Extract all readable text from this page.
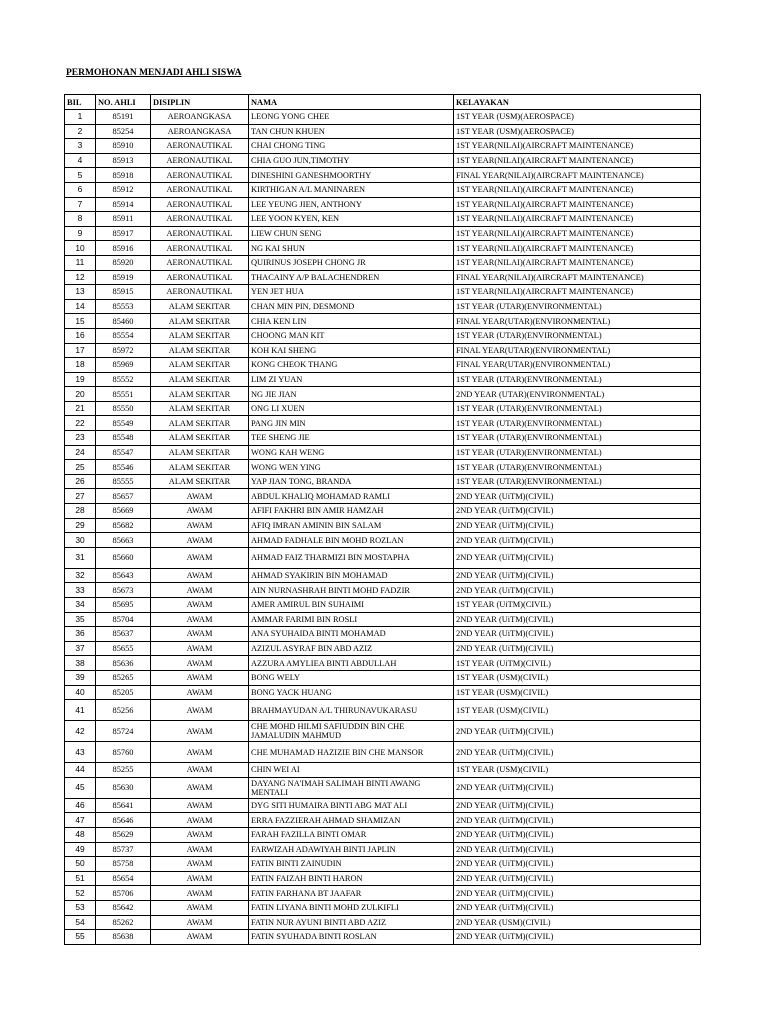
PERMOHONAN MENJADI AHLI SISWA
BIL	NO. AHLI	DISIPLIN	NAMA	KELAYAKAN
1	85191	AEROANGKASA	LEONG YONG CHEE	1ST YEAR (USM)(AEROSPACE)
2	85254	AEROANGKASA	TAN CHUN KHUEN	1ST YEAR (USM)(AEROSPACE)
3	85910	AERONAUTIKAL	CHAI CHONG TING	1ST YEAR(NILAI)(AIRCRAFT MAINTENANCE)
4	85913	AERONAUTIKAL	CHIA GUO JUN,TIMOTHY	1ST YEAR(NILAI)(AIRCRAFT MAINTENANCE)
5	85918	AERONAUTIKAL	DINESHINI GANESHMOORTHY	FINAL YEAR(NILAI)(AIRCRAFT MAINTENANCE)
6	85912	AERONAUTIKAL	KIRTHIGAN A/L MANINAREN	1ST YEAR(NILAI)(AIRCRAFT MAINTENANCE)
7	85914	AERONAUTIKAL	LEE YEUNG JIEN, ANTHONY	1ST YEAR(NILAI)(AIRCRAFT MAINTENANCE)
8	85911	AERONAUTIKAL	LEE YOON KYEN, KEN	1ST YEAR(NILAI)(AIRCRAFT MAINTENANCE)
9	85917	AERONAUTIKAL	LIEW CHUN SENG	1ST YEAR(NILAI)(AIRCRAFT MAINTENANCE)
10	85916	AERONAUTIKAL	NG KAI SHUN	1ST YEAR(NILAI)(AIRCRAFT MAINTENANCE)
11	85920	AERONAUTIKAL	QUIRINUS JOSEPH CHONG JR	1ST YEAR(NILAI)(AIRCRAFT MAINTENANCE)
12	85919	AERONAUTIKAL	THACAINY A/P BALACHENDREN	FINAL YEAR(NILAI)(AIRCRAFT MAINTENANCE)
13	85915	AERONAUTIKAL	YEN JET HUA	1ST YEAR(NILAI)(AIRCRAFT MAINTENANCE)
14	85553	ALAM SEKITAR	CHAN MIN PIN, DESMOND	1ST YEAR (UTAR)(ENVIRONMENTAL)
15	85460	ALAM SEKITAR	CHIA KEN LIN	FINAL YEAR(UTAR)(ENVIRONMENTAL)
16	85554	ALAM SEKITAR	CHOONG MAN KIT	1ST YEAR (UTAR)(ENVIRONMENTAL)
17	85972	ALAM SEKITAR	KOH KAI SHENG	FINAL YEAR(UTAR)(ENVIRONMENTAL)
18	85969	ALAM SEKITAR	KONG CHEOK THANG	FINAL YEAR(UTAR)(ENVIRONMENTAL)
19	85552	ALAM SEKITAR	LIM ZI YUAN	1ST YEAR (UTAR)(ENVIRONMENTAL)
20	85551	ALAM SEKITAR	NG JIE JIAN	2ND YEAR (UTAR)(ENVIRONMENTAL)
21	85550	ALAM SEKITAR	ONG LI XUEN	1ST YEAR (UTAR)(ENVIRONMENTAL)
22	85549	ALAM SEKITAR	PANG JIN MIN	1ST YEAR (UTAR)(ENVIRONMENTAL)
23	85548	ALAM SEKITAR	TEE SHENG JIE	1ST YEAR (UTAR)(ENVIRONMENTAL)
24	85547	ALAM SEKITAR	WONG KAH WENG	1ST YEAR (UTAR)(ENVIRONMENTAL)
25	85546	ALAM SEKITAR	WONG WEN YING	1ST YEAR (UTAR)(ENVIRONMENTAL)
26	85555	ALAM SEKITAR	YAP JIAN TONG, BRANDA	1ST YEAR (UTAR)(ENVIRONMENTAL)
27	85657	AWAM	ABDUL KHALIQ MOHAMAD RAMLI	2ND YEAR (UiTM)(CIVIL)
28	85669	AWAM	AFIFI FAKHRI BIN AMIR HAMZAH	2ND YEAR (UiTM)(CIVIL)
29	85682	AWAM	AFIQ IMRAN AMININ BIN SALAM	2ND YEAR (UiTM)(CIVIL)
30	85663	AWAM	AHMAD FADHALE BIN MOHD ROZLAN	2ND YEAR (UiTM)(CIVIL)
31	85660	AWAM	AHMAD FAIZ THARMIZI BIN MOSTAPHA	2ND YEAR (UiTM)(CIVIL)
32	85643	AWAM	AHMAD SYAKIRIN BIN MOHAMAD	2ND YEAR (UiTM)(CIVIL)
33	85673	AWAM	AIN NURNASHRAH BINTI MOHD FADZIR	2ND YEAR (UiTM)(CIVIL)
34	85695	AWAM	AMER AMIRUL BIN SUHAIMI	1ST YEAR (UiTM)(CIVIL)
35	85704	AWAM	AMMAR FARIMI BIN ROSLI	2ND YEAR (UiTM)(CIVIL)
36	85637	AWAM	ANA SYUHAIDA BINTI MOHAMAD	2ND YEAR (UiTM)(CIVIL)
37	85655	AWAM	AZIZUL ASYRAF BIN ABD AZIZ	2ND YEAR (UiTM)(CIVIL)
38	85636	AWAM	AZZURA AMYLIEA BINTI ABDULLAH	1ST YEAR (UiTM)(CIVIL)
39	85265	AWAM	BONG WELY	1ST YEAR (USM)(CIVIL)
40	85205	AWAM	BONG YACK HUANG	1ST YEAR (USM)(CIVIL)
41	85256	AWAM	BRAHMAYUDAN A/L THIRUNAVUKARASU	1ST YEAR (USM)(CIVIL)
42	85724	AWAM	CHE MOHD HILMI SAFIUDDIN BIN CHE JAMALUDIN MAHMUD	2ND YEAR (UiTM)(CIVIL)
43	85760	AWAM	CHE MUHAMAD HAZIZIE BIN CHE MANSOR	2ND YEAR (UiTM)(CIVIL)
44	85255	AWAM	CHIN WEI AI	1ST YEAR (USM)(CIVIL)
45	85630	AWAM	DAYANG NA'IMAH SALIMAH BINTI AWANG MENTALI	2ND YEAR (UiTM)(CIVIL)
46	85641	AWAM	DYG SITI HUMAIRA BINTI ABG MAT ALI	2ND YEAR (UiTM)(CIVIL)
47	85646	AWAM	ERRA FAZZIERAH AHMAD SHAMIZAN	2ND YEAR (UiTM)(CIVIL)
48	85629	AWAM	FARAH FAZILLA BINTI OMAR	2ND YEAR (UiTM)(CIVIL)
49	85737	AWAM	FARWIZAH ADAWIYAH BINTI JAPLIN	2ND YEAR (UiTM)(CIVIL)
50	85758	AWAM	FATIN BINTI ZAINUDIN	2ND YEAR (UiTM)(CIVIL)
51	85654	AWAM	FATIN FAIZAH BINTI HARON	2ND YEAR (UiTM)(CIVIL)
52	85706	AWAM	FATIN FARHANA BT JAAFAR	2ND YEAR (UiTM)(CIVIL)
53	85642	AWAM	FATIN LIYANA BINTI MOHD ZULKIFLI	2ND YEAR (UiTM)(CIVIL)
54	85262	AWAM	FATIN NUR AYUNI BINTI ABD AZIZ	2ND YEAR (USM)(CIVIL)
55	85638	AWAM	FATIN SYUHADA BINTI ROSLAN	2ND YEAR (UiTM)(CIVIL)
